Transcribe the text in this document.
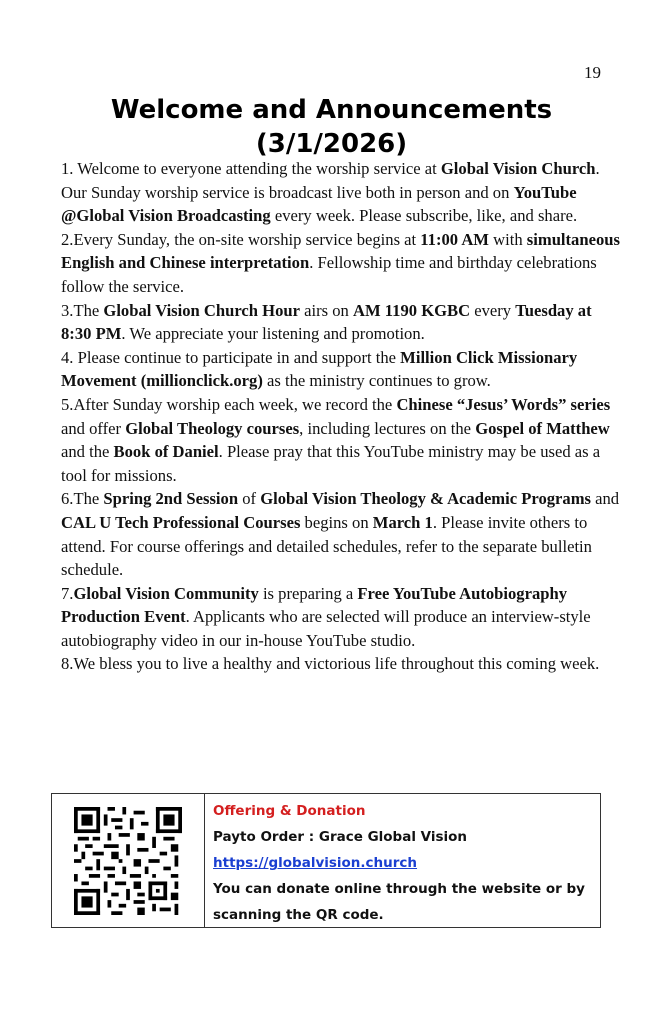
19
Welcome and Announcements
(3/1/2026)

1. Welcome to everyone attending the worship service at Global Vision Church. Our Sunday worship service is broadcast live both in person and on YouTube @Global Vision Broadcasting every week. Please subscribe, like, and share.

2.Every Sunday, the on-site worship service begins at 11:00 AM with simultaneous English and Chinese interpretation. Fellowship time and birthday celebrations follow the service.

3.The Global Vision Church Hour airs on AM 1190 KGBC every Tuesday at 8:30 PM. We appreciate your listening and promotion.

4. Please continue to participate in and support the Million Click Missionary Movement (millionclick.org) as the ministry continues to grow.

5.After Sunday worship each week, we record the Chinese “Jesus’ Words” series and offer Global Theology courses, including lectures on the Gospel of Matthew and the Book of Daniel. Please pray that this YouTube ministry may be used as a tool for missions.

6.The Spring 2nd Session of Global Vision Theology & Academic Programs and CAL U Tech Professional Courses begins on March 1. Please invite others to attend. For course offerings and detailed schedules, refer to the separate bulletin schedule.

7.Global Vision Community is preparing a Free YouTube Autobiography Production Event. Applicants who are selected will produce an interview-style autobiography video in our in-house YouTube studio.

8.We bless you to live a healthy and victorious life throughout this coming week.

Offering & Donation
Payto Order : Grace Global Vision
https://globalvision.church
You can donate online through the website or by
scanning the QR code.
